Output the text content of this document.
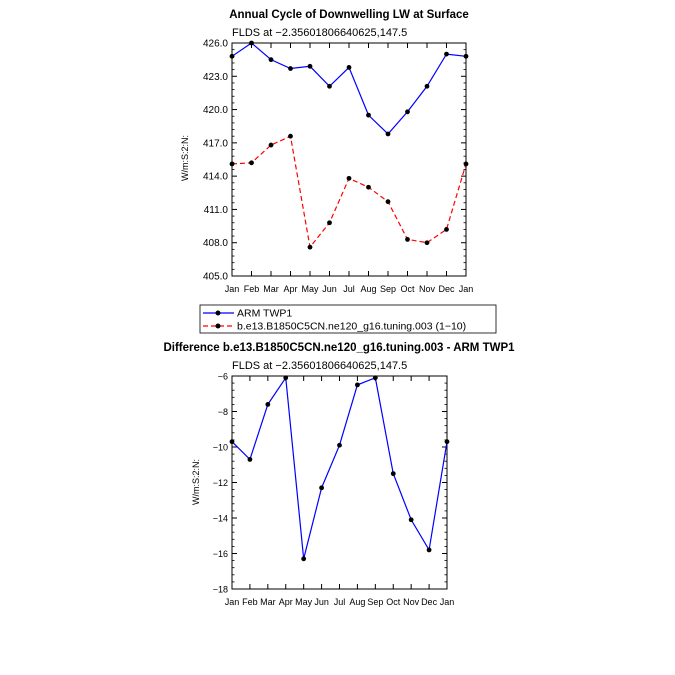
Annual Cycle of Downwelling LW at Surface
FLDS at −2.35601806640625,147.5
W/m:S:2:N:
405.0
408.0
411.0
414.0
417.0
420.0
423.0
426.0
Jan Feb Mar Apr May Jun Jul Aug Sep Oct Nov Dec Jan
ARM TWP1
b.e13.B1850C5CN.ne120_g16.tuning.003 (1−10)
Difference b.e13.B1850C5CN.ne120_g16.tuning.003 - ARM TWP1
FLDS at −2.35601806640625,147.5
W/m:S:2:N:
−18
−16
−14
−12
−10
−8
−6
Jan Feb Mar Apr May Jun Jul Aug Sep Oct Nov Dec Jan
